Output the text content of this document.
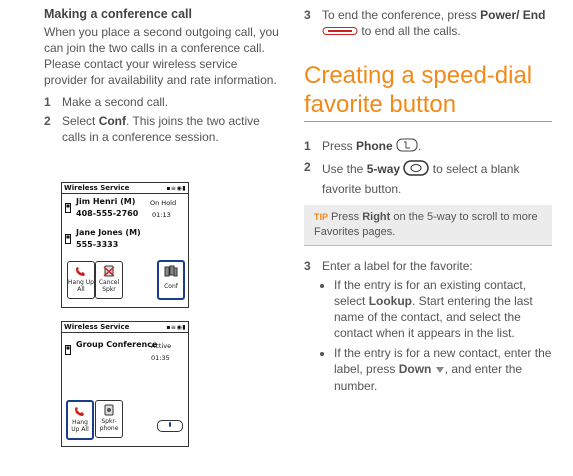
Making a conference call

When you place a second outgoing call, you can join the two calls in a conference call. Please contact your wireless service provider for availability and rate information.

1 Make a second call.
2 Select Conf. This joins the two active calls in a conference session.
Wireless Service	▪≡◉▮
Jim Henri (M)
408-555-2760
On Hold
01:13
Jane Jones (M)
555-3333
Hang Up All
Cancel Spkr	Conf
Wireless Service	▪≡◉▮
Group Conference
Active
01:35
Hang Up All
Spkr-phone
3 To end the conference, press Power/ End  to end all the calls.
Creating a speed-dial favorite button
1 Press Phone .
2 Use the 5-way	to select a blank favorite button.
TIP Press Right on the 5-way to scroll to more Favorites pages.
3 Enter a label for the favorite:
• If the entry is for an existing contact, select Lookup. Start entering the last name of the contact, and select the contact when it appears in the list.
• If the entry is for a new contact, enter the label, press Down , and enter the number.
